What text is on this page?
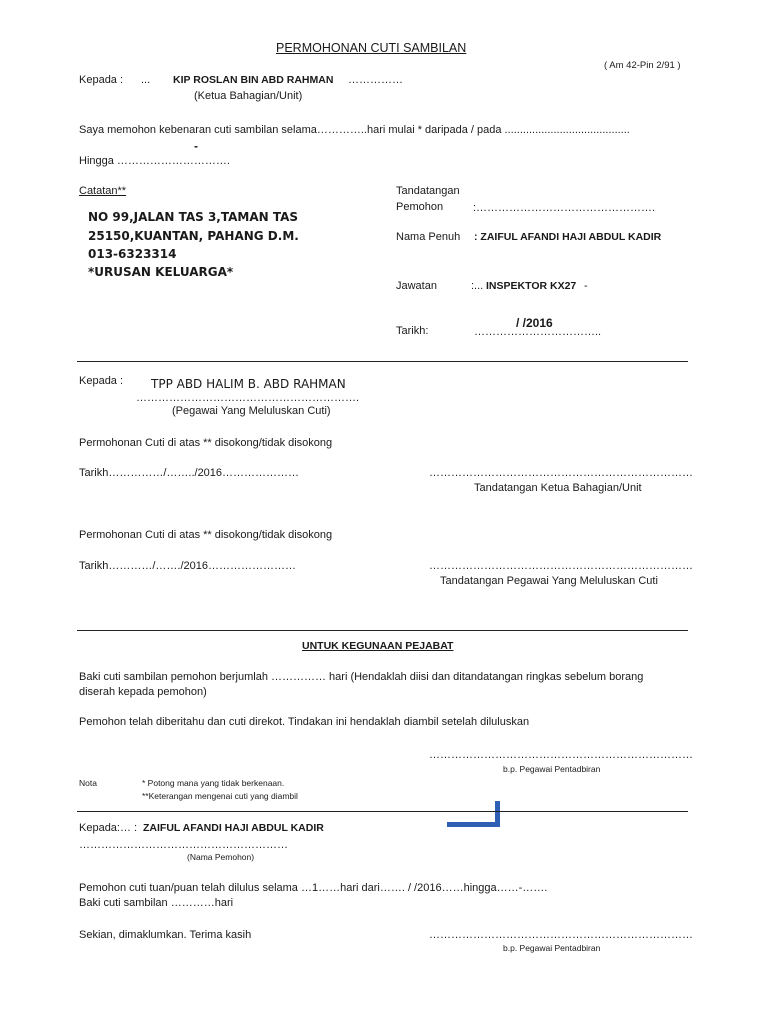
PERMOHONAN CUTI SAMBILAN
( Am 42-Pin 2/91 )
Kepada : ... KIP ROSLAN BIN ABD RAHMAN ……………
(Ketua Bahagian/Unit)
Saya memohon kebenaran cuti sambilan selama…………..hari mulai * daripada / pada .........................................
-
Hingga ………………………….
Catatan**
NO 99,JALAN TAS 3,TAMAN TAS
25150,KUANTAN, PAHANG D.M.
013-6323314
*URUSAN KELUARGA*
Tandatangan
Pemohon	:………………………………………….
Nama Penuh : ZAIFUL AFANDI HAJI ABDUL KADIR
Jawatan	:... INSPEKTOR KX27 -
Tarikh:
/ /2016
……………………………..
Kepada : TPP ABD HALIM B. ABD RAHMAN
…………………………………………………….
(Pegawai Yang Meluluskan Cuti)
Permohonan Cuti di atas ** disokong/tidak disokong
Tarikh……………/……../2016…………………	………………………………………………………………
Tandatangan Ketua Bahagian/Unit
Permohonan Cuti di atas ** disokong/tidak disokong
Tarikh…………/……./2016……………………	………………………………………………………………
Tandatangan Pegawai Yang Meluluskan Cuti
UNTUK KEGUNAAN PEJABAT
Baki cuti sambilan pemohon berjumlah …………… hari (Hendaklah diisi dan ditandatangan ringkas sebelum borang
diserah kepada pemohon)
Pemohon telah diberitahu dan cuti direkot. Tindakan ini hendaklah diambil setelah diluluskan
………………………………………………………………
b.p. Pegawai Pentadbiran
Nota	* Potong mana yang tidak berkenaan.
**Keterangan mengenai cuti yang diambil
Kepada:… : ZAIFUL AFANDI HAJI ABDUL KADIR
…………………………………………………
(Nama Pemohon)
Pemohon cuti tuan/puan telah dilulus selama …1……hari dari……. / /2016……hingga……-…….
Baki cuti sambilan …………hari
Sekian, dimaklumkan. Terima kasih	………………………………………………………………
b.p. Pegawai Pentadbiran
